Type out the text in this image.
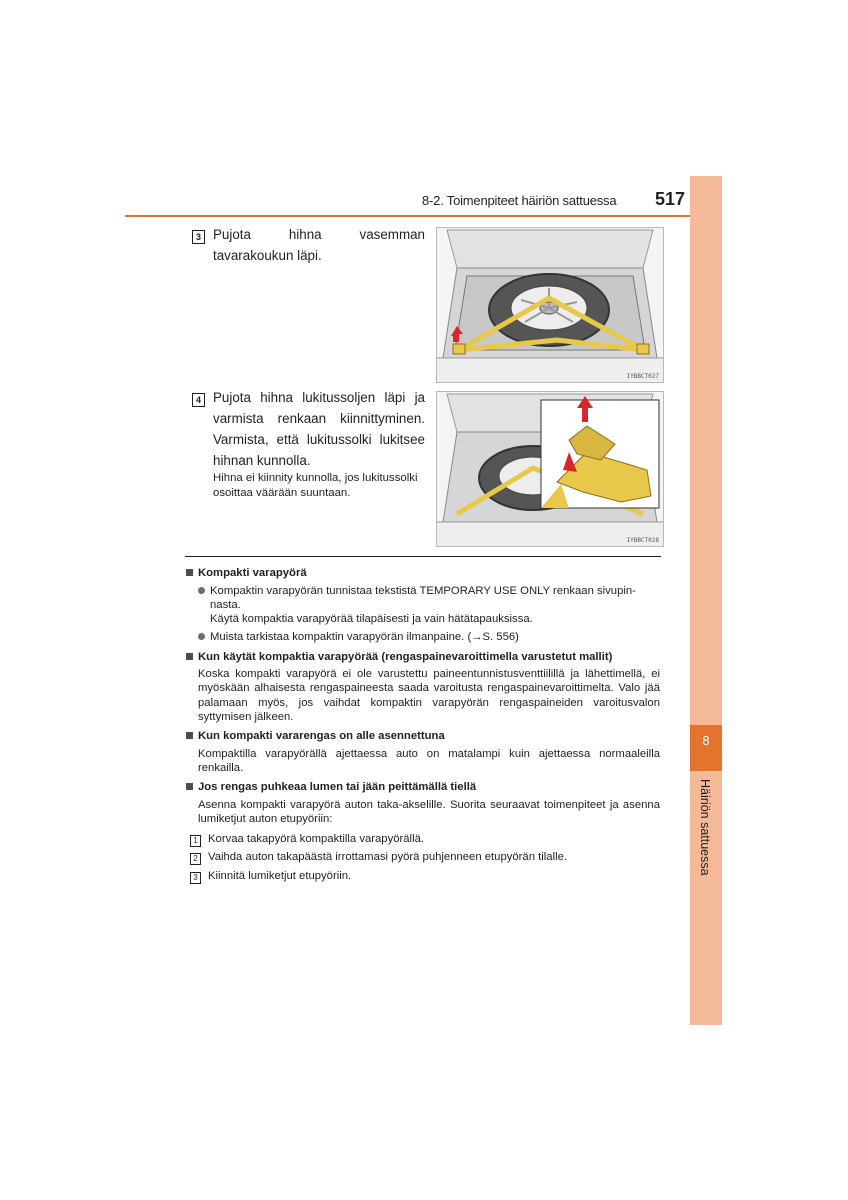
8-2. Toimenpiteet häiriön sattuessa 517
8
Häiriön sattuessa
3 Pujota hihna vasemman tavarakoukun läpi.
IYBBCT027
4 Pujota hihna lukitussoljen läpi ja varmista renkaan kiinnittyminen. Varmista, että lukitussolki lukitsee hihnan kunnolla.
Hihna ei kiinnity kunnolla, jos lukitussolki osoittaa väärään suuntaan.
IYBBCT028
Kompakti varapyörä
Kompaktin varapyörän tunnistaa tekstistä TEMPORARY USE ONLY renkaan sivupin-
nasta.
Käytä kompaktia varapyörää tilapäisesti ja vain hätätapauksissa.
Muista tarkistaa kompaktin varapyörän ilmanpaine. (→S. 556)
Kun käytät kompaktia varapyörää (rengaspainevaroittimella varustetut mallit)
Koska kompakti varapyörä ei ole varustettu paineentunnistusventtiilillä ja lähettimellä, ei myöskään alhaisesta rengaspaineesta saada varoitusta rengaspainevaroittimelta. Valo jää palamaan myös, jos vaihdat kompaktin varapyörän rengaspaineiden varoitusvalon syttymisen jälkeen.
Kun kompakti vararengas on alle asennettuna
Kompaktilla varapyörällä ajettaessa auto on matalampi kuin ajettaessa normaaleilla renkailla.
Jos rengas puhkeaa lumen tai jään peittämällä tiellä
Asenna kompakti varapyörä auton taka-akselille. Suorita seuraavat toimenpiteet ja asenna lumiketjut auton etupyöriin:
1 Korvaa takapyörä kompaktilla varapyörällä.
2 Vaihda auton takapäästä irrottamasi pyörä puhjenneen etupyörän tilalle.
3 Kiinnitä lumiketjut etupyöriin.
